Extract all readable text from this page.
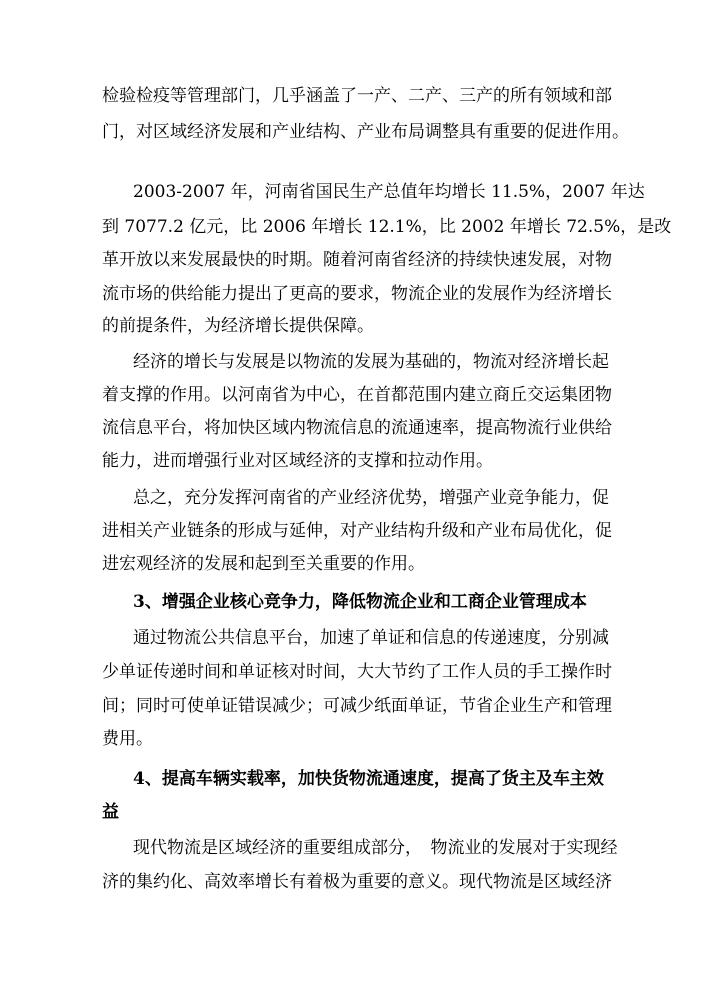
检验检疫等管理部门，几乎涵盖了一产、二产、三产的所有领域和部
门，对区域经济发展和产业结构、产业布局调整具有重要的促进作用。
2003-2007 年，河南省国民生产总值年均增长 11.5%，2007 年达
到 7077.2 亿元，比 2006 年增长 12.1%，比 2002 年增长 72.5%，是改
革开放以来发展最快的时期。随着河南省经济的持续快速发展，对物
流市场的供给能力提出了更高的要求，物流企业的发展作为经济增长
的前提条件，为经济增长提供保障。
经济的增长与发展是以物流的发展为基础的，物流对经济增长起
着支撑的作用。以河南省为中心，在首都范围内建立商丘交运集团物
流信息平台，将加快区域内物流信息的流通速率，提高物流行业供给
能力，进而增强行业对区域经济的支撑和拉动作用。
总之，充分发挥河南省的产业经济优势，增强产业竞争能力，促
进相关产业链条的形成与延伸，对产业结构升级和产业布局优化，促
进宏观经济的发展和起到至关重要的作用。
3、增强企业核心竞争力，降低物流企业和工商企业管理成本
通过物流公共信息平台，加速了单证和信息的传递速度，分别减
少单证传递时间和单证核对时间，大大节约了工作人员的手工操作时
间；同时可使单证错误减少；可减少纸面单证，节省企业生产和管理
费用。
4、提高车辆实载率，加快货物流通速度，提高了货主及车主效
益
现代物流是区域经济的重要组成部分，　物流业的发展对于实现经
济的集约化、高效率增长有着极为重要的意义。现代物流是区域经济
